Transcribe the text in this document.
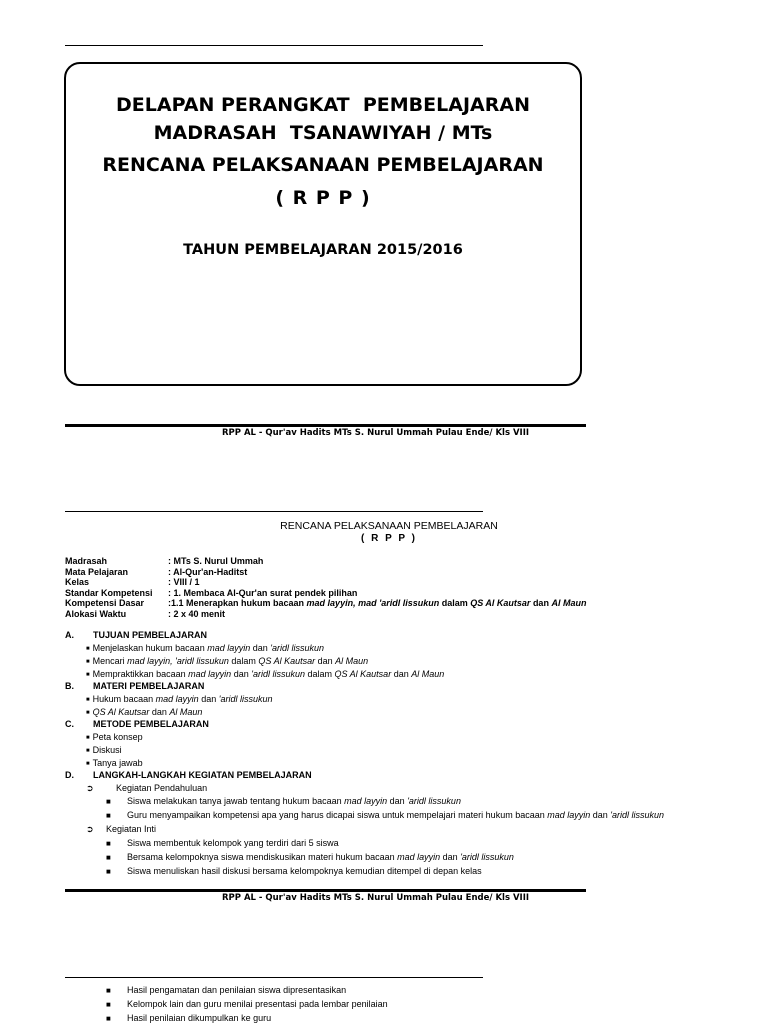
DELAPAN PERANGKAT  PEMBELAJARAN
MADRASAH  TSANAWIYAH / MTs
RENCANA PELAKSANAAN PEMBELAJARAN
( R P P )
TAHUN PEMBELAJARAN 2015/2016
RPP AL - Qur'av Hadits MTs S. Nurul Ummah Pulau Ende/ Kls VIII
RENCANA PELAKSANAAN PEMBELAJARAN
( R P P )
Madrasah	: MTs S. Nurul Ummah
Mata Pelajaran	: Al-Qur'an-Haditst
Kelas	: VIII / 1
Standar Kompetensi : 1. Membaca Al-Qur'an surat pendek pilihan
Kompetensi Dasar	:1.1 Menerapkan hukum bacaan mad layyin, mad 'aridl lissukun dalam QS Al Kautsar dan Al Maun
Alokasi Waktu	: 2 x 40 menit
A. TUJUAN PEMBELAJARAN
■ Menjelaskan hukum bacaan mad layyin dan 'aridl lissukun
■ Mencari mad layyin, 'aridl lissukun dalam QS Al Kautsar dan Al Maun
■ Mempraktikkan bacaan mad layyin dan 'aridl lissukun dalam QS Al Kautsar dan Al Maun
B. MATERI PEMBELAJARAN
■ Hukum bacaan mad layyin dan 'aridl lissukun
■ QS Al Kautsar dan Al Maun
C. METODE PEMBELAJARAN
■ Peta konsep
■ Diskusi
■ Tanya jawab
D. LANGKAH-LANGKAH KEGIATAN PEMBELAJARAN
➲ Kegiatan Pendahuluan
■ Siswa melakukan tanya jawab tentang hukum bacaan mad layyin dan 'aridl lissukun
■ Guru menyampaikan kompetensi apa yang harus dicapai siswa untuk mempelajari materi hukum bacaan mad layyin dan 'aridl lissukun
➲ Kegiatan Inti
■ Siswa membentuk kelompok yang terdiri dari 5 siswa
■ Bersama kelompoknya siswa mendiskusikan materi hukum bacaan mad layyin dan 'aridl lissukun
■ Siswa menuliskan hasil diskusi bersama kelompoknya kemudian ditempel di depan kelas
RPP AL - Qur'av Hadits MTs S. Nurul Ummah Pulau Ende/ Kls VIII
■ Hasil pengamatan dan penilaian siswa dipresentasikan
■ Kelompok lain dan guru menilai presentasi pada lembar penilaian
■ Hasil penilaian dikumpulkan ke guru
